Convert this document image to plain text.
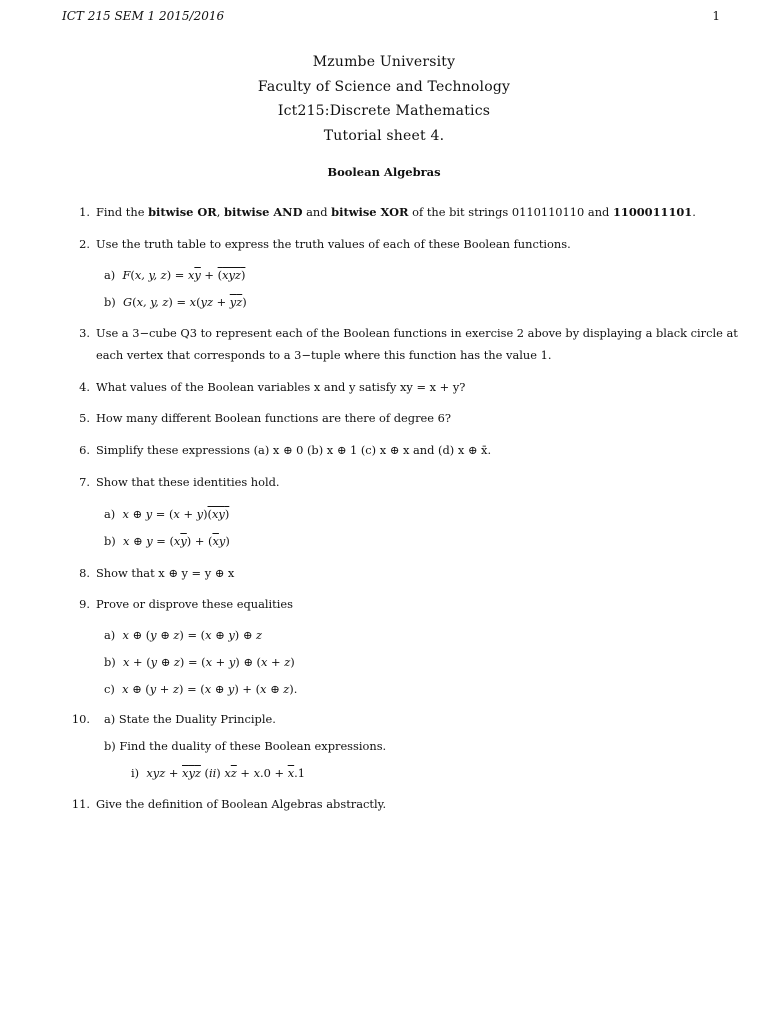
ICT 215 SEM 1 2015/2016	1
Mzumbe University
Faculty of Science and Technology
Ict215:Discrete Mathematics
Tutorial sheet 4.
Boolean Algebras
1. Find the bitwise OR, bitwise AND and bitwise XOR of the bit strings 0110110110 and 1100011101.
2. Use the truth table to express the truth values of each of these Boolean functions.
a) F(x, y, $z) = x\overline{y} + (xyz)$
b) G(x, y, $z) = x(yz + \overline{y}\overline{z})$
3. Use a 3−cube Q3 to represent each of the Boolean functions in exercise 2 above by displaying a black circle at
each vertex that corresponds to a 3−tuple where this function has the value 1.
4. What values of the Boolean variables x and y satisfy xy = x + y?
5. How many different Boolean functions are there of degree 6?
6. Simplify these expressions (a) x ⊕ 0 (b) x ⊕ 1 (c) x ⊕ x and (d) x ⊕ x̄.
7. Show that these identities hold.
a) x ⊕ y = (x + y)(xy)
b) x ⊕ $y = (x\overline{y}) + (\overline{x}y)$
8. Show that x ⊕ y = y ⊕ x
9. Prove or disprove these equalities
a) x ⊕ (y ⊕ z) = (x ⊕ y) ⊕ z
b) x + (y ⊕ z) = (x + y) ⊕ (x + z)
c) x ⊕ (y + z) = (x ⊕ y) + (x ⊕ z).
10. a) State the Duality Principle.
b) Find the duality of these Boolean expressions.
i) xyz + $\overline{x}\overline{y}\overline{z}$ (ii) $x\overline{z} + x.0 + \overline{x}.1$
11. Give the definition of Boolean Algebras abstractly.
